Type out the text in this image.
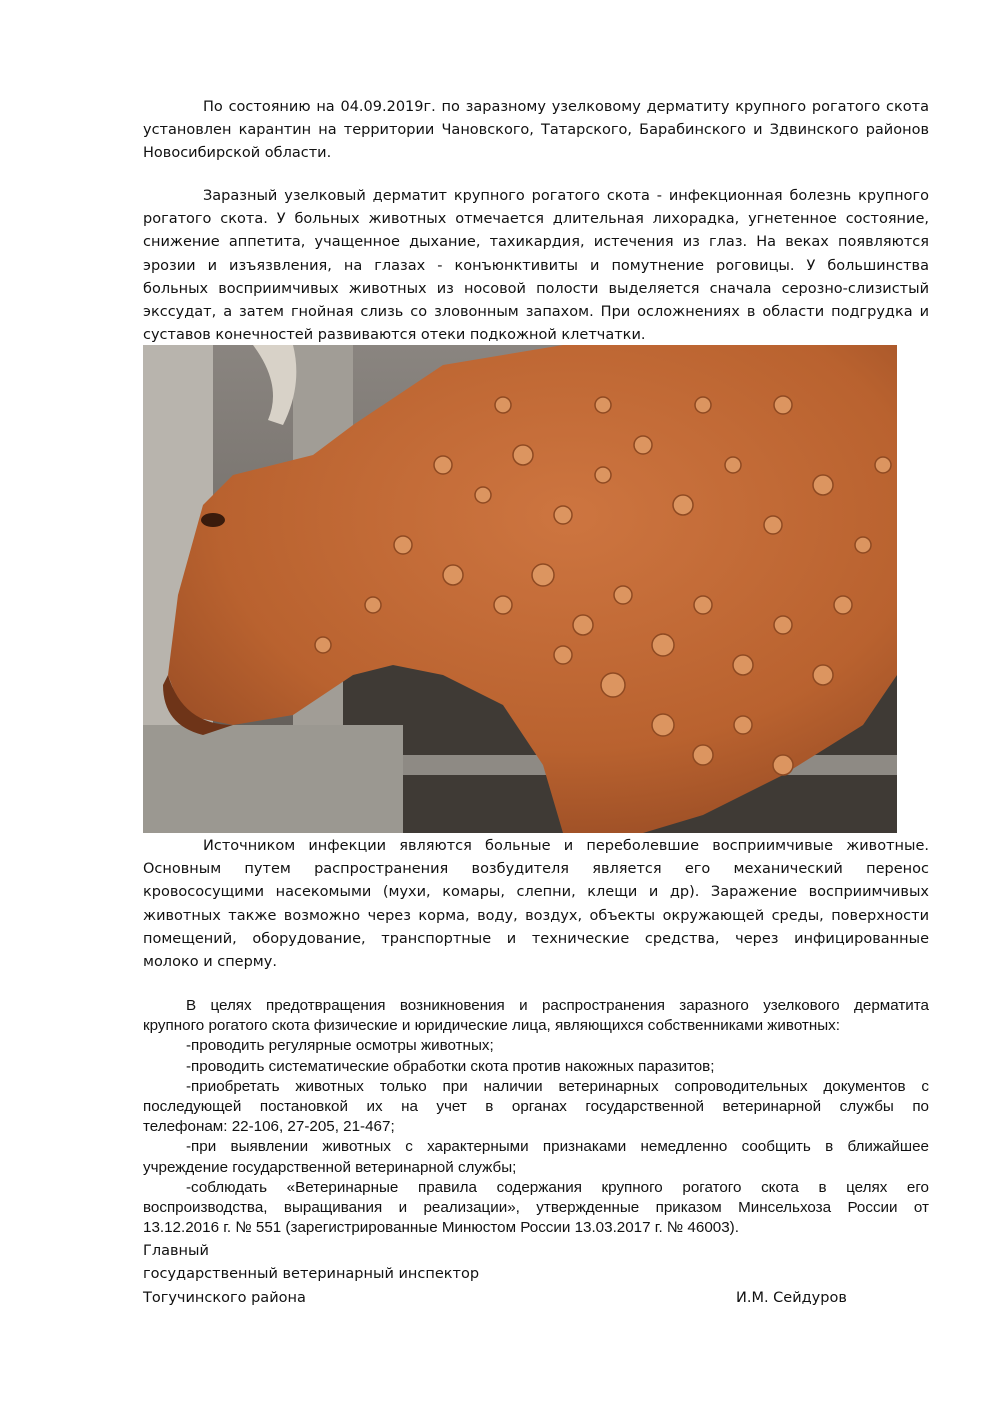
По состоянию на 04.09.2019г. по заразному узелковому дерматиту крупного рогатого скота
установлен карантин на территории Чановского, Татарского, Барабинского и Здвинского районов
Новосибирской области.
Заразный узелковый дерматит крупного рогатого скота - инфекционная болезнь крупного
рогатого скота. У больных животных отмечается длительная лихорадка, угнетенное состояние,
снижение аппетита, учащенное дыхание, тахикардия, истечения из глаз. На веках появляются
эрозии и изъязвления, на глазах - конъюнктивиты и помутнение роговицы. У большинства
больных восприимчивых животных из носовой полости выделяется сначала серозно-слизистый
экссудат, а затем гнойная слизь со зловонным запахом. При осложнениях в области подгрудка и
суставов конечностей развиваются отеки подкожной клетчатки.
Источником инфекции являются больные и переболевшие восприимчивые животные.
Основным путем распространения возбудителя является его механический перенос
кровососущими насекомыми (мухи, комары, слепни, клещи и др). Заражение восприимчивых
животных также возможно через корма, воду, воздух, объекты окружающей среды, поверхности
помещений, оборудование, транспортные и технические средства, через инфицированные
молоко и сперму.
В целях предотвращения возникновения и распространения заразного узелкового дерматита
крупного рогатого скота физические и юридические лица, являющихся собственниками животных:
-проводить регулярные осмотры животных;
-проводить систематические обработки скота против накожных паразитов;
-приобретать животных только при наличии ветеринарных сопроводительных документов с
последующей постановкой их на учет в органах государственной ветеринарной службы по
телефонам: 22-106, 27-205, 21-467;
-при выявлении животных с характерными признаками немедленно сообщить в ближайшее
учреждение государственной ветеринарной службы;
-соблюдать «Ветеринарные правила содержания крупного рогатого скота в целях его
воспроизводства, выращивания и реализации», утвержденные приказом Минсельхоза России от
13.12.2016 г. № 551 (зарегистрированные Минюстом России 13.03.2017 г. № 46003).
Главный
государственный ветеринарный инспектор
Тогучинского района	И.М. Сейдуров
